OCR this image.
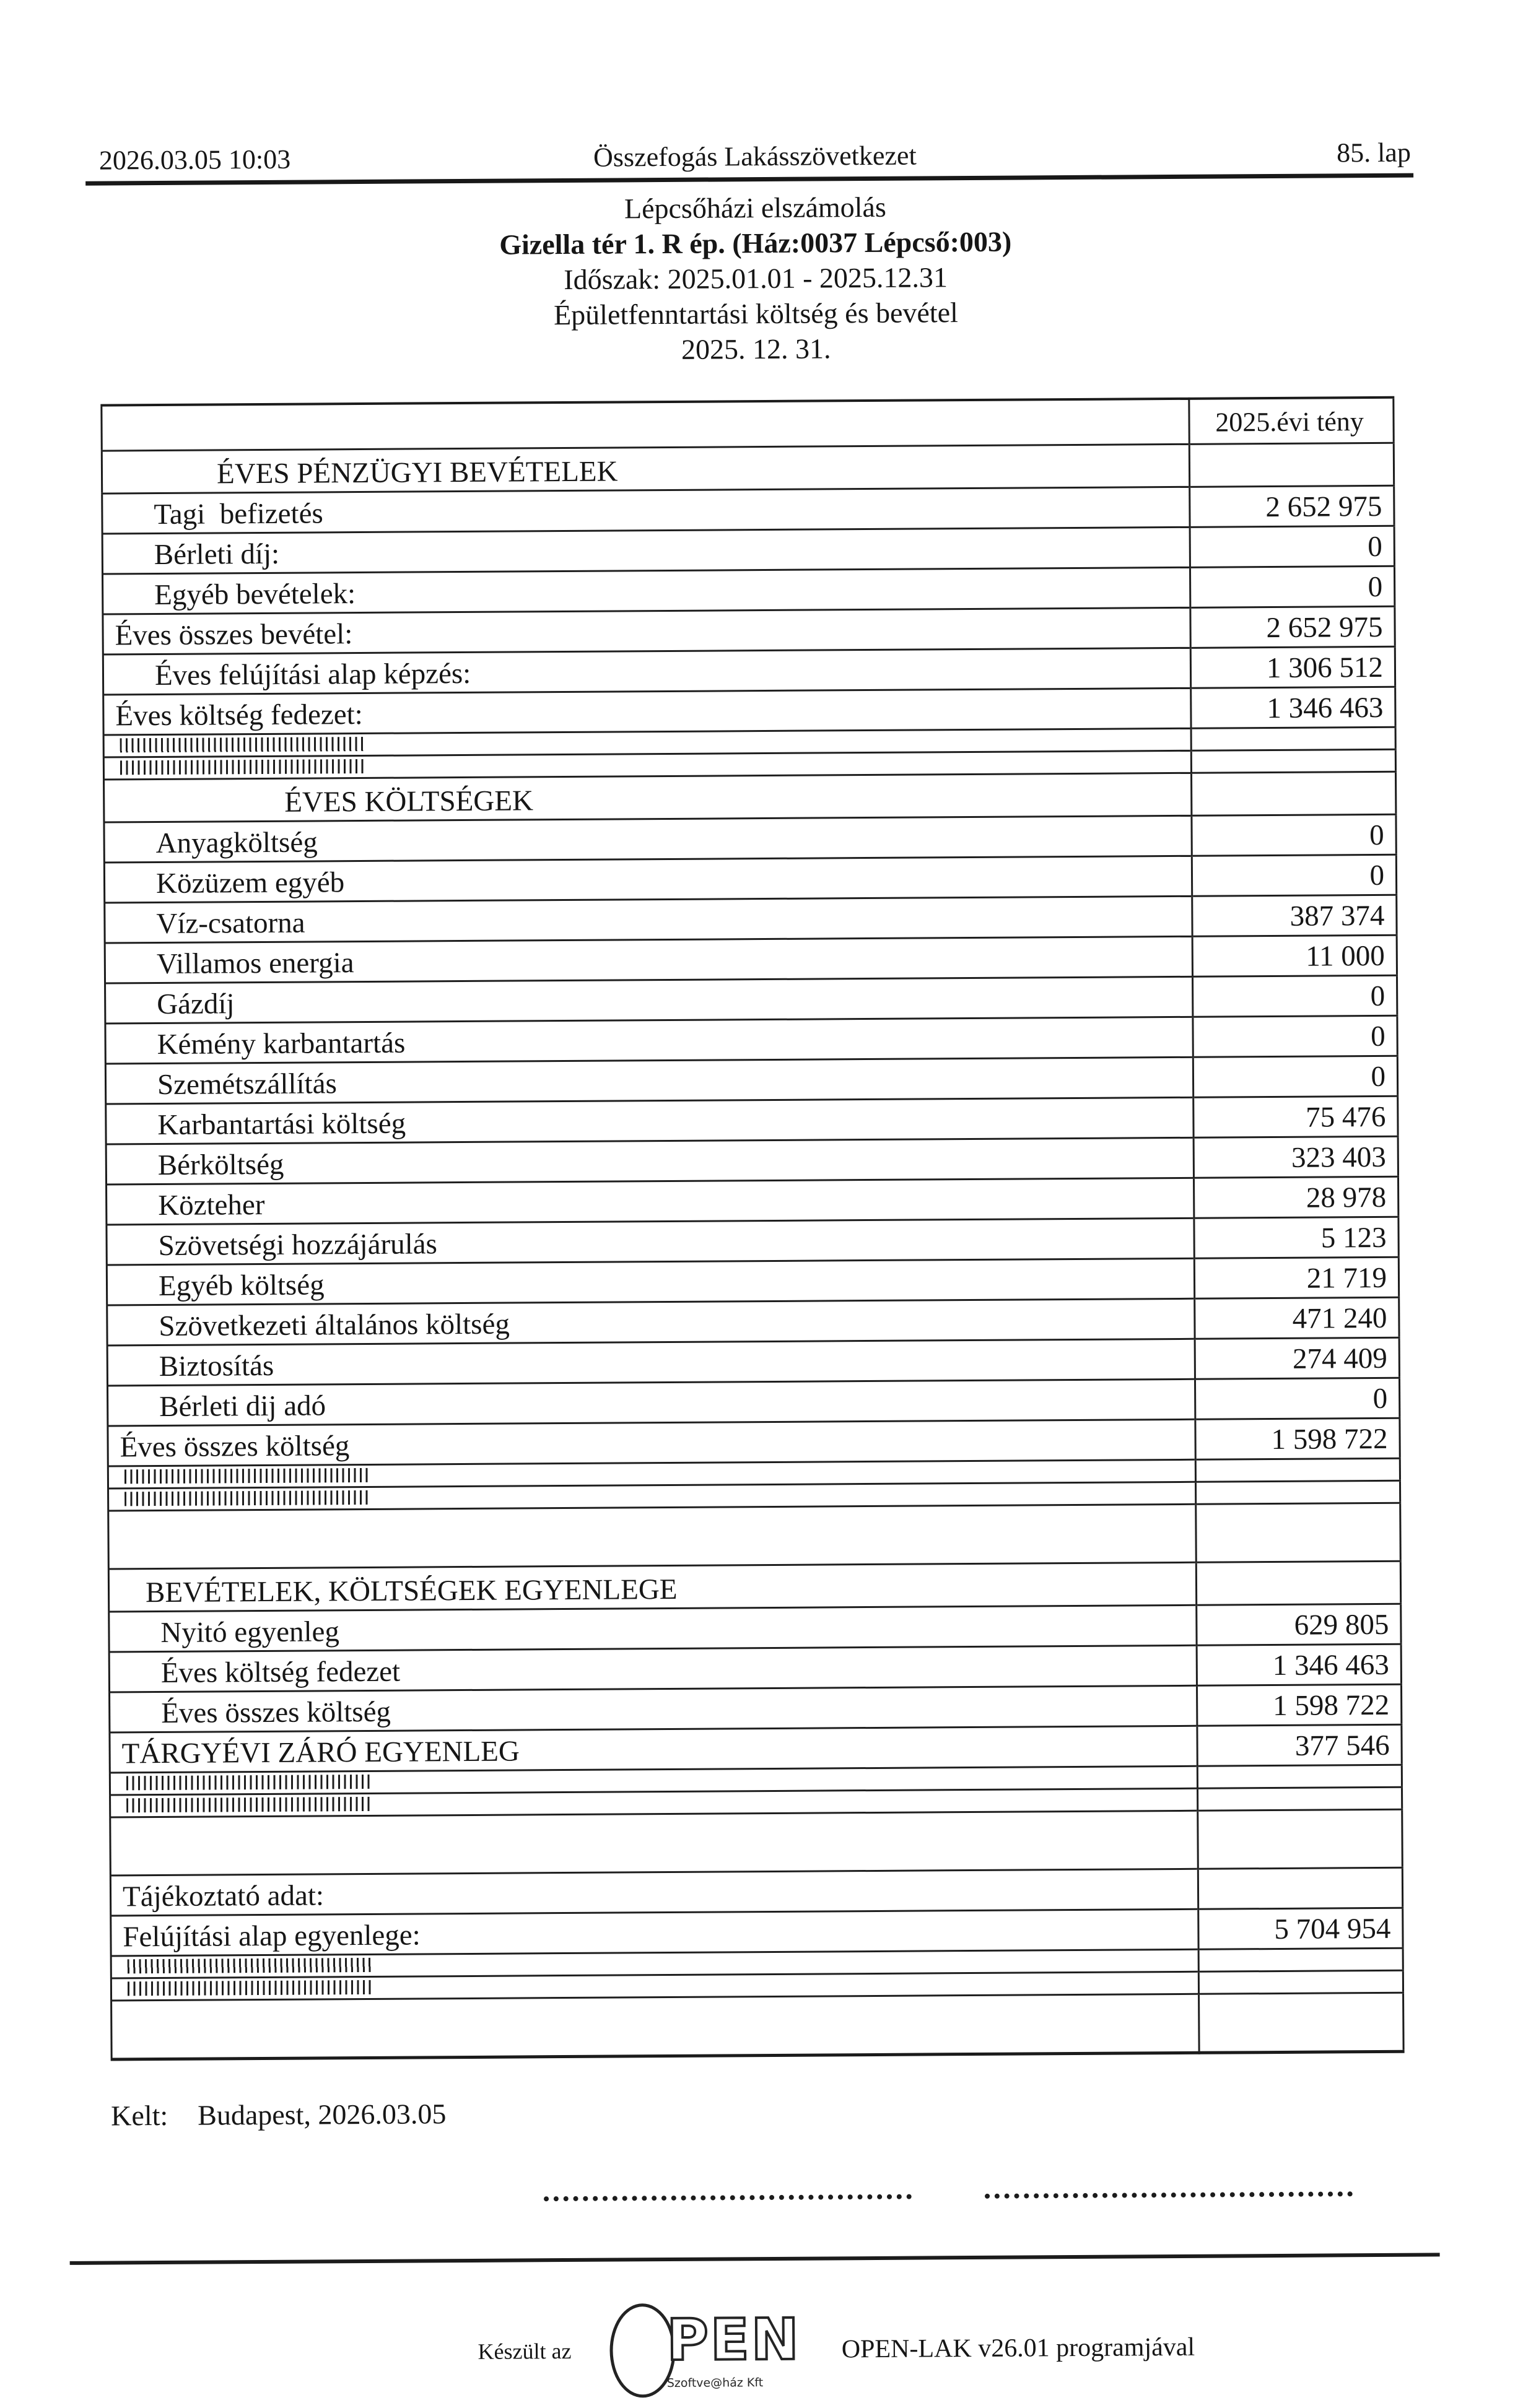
2026.03.05 10:03	Összefogás Lakásszövetkezet	85. lap
Lépcsőházi elszámolás
Gizella tér 1. R ép. (Ház:0037 Lépcső:003)
Időszak: 2025.01.01 - 2025.12.31
Épületfenntartási költség és bevétel
2025. 12. 31.
	2025.évi tény
ÉVES PÉNZÜGYI BEVÉTELEK	
Tagi  befizetés	2 652 975
Bérleti díj:	0
Egyéb bevételek:	0
Éves összes bevétel:	2 652 975
Éves felújítási alap képzés:	1 306 512
Éves költség fedezet:	1 346 463

ÉVES KÖLTSÉGEK	
Anyagköltség	0
Közüzem egyéb	0
Víz-csatorna	387 374
Villamos energia	11 000
Gázdíj	0
Kémény karbantartás	0
Szemétszállítás	0
Karbantartási költség	75 476
Bérköltség	323 403
Közteher	28 978
Szövetségi hozzájárulás	5 123
Egyéb költség	21 719
Szövetkezeti általános költség	471 240
Biztosítás	274 409
Bérleti dij adó	0
Éves összes költség	1 598 722

BEVÉTELEK, KÖLTSÉGEK EGYENLEGE	
Nyitó egyenleg	629 805
Éves költség fedezet	1 346 463
Éves összes költség	1 598 722
TÁRGYÉVI ZÁRÓ EGYENLEG	377 546

Tájékoztató adat:	
Felújítási alap egyenlege:	5 704 954

Kelt: Budapest, 2026.03.05
Készült az PEN
Szoftve@ház Kft
OPEN-LAK v26.01 programjával
